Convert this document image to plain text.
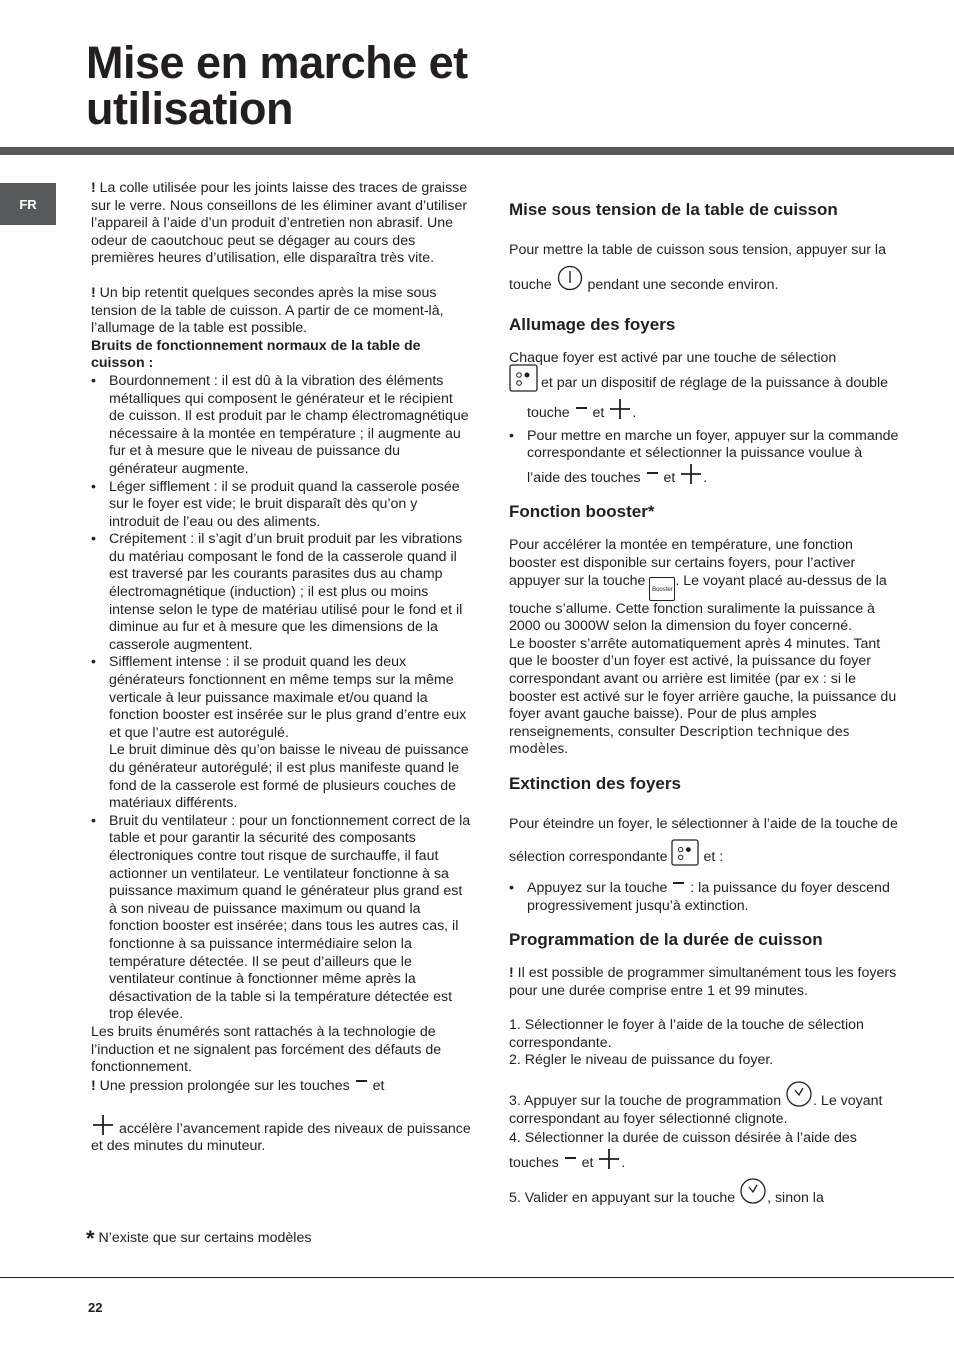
Mise en marche et
utilisation
FR

! La colle utilisée pour les joints laisse des traces de graisse sur le verre. Nous conseillons de les éliminer avant d’utiliser l’appareil à l’aide d’un produit d’entretien non abrasif. Une odeur de caoutchouc peut se dégager au cours des premières heures d’utilisation, elle disparaîtra très vite.

! Un bip retentit quelques secondes après la mise sous tension de la table de cuisson. A partir de ce moment-là, l’allumage de la table est possible.

Bruits de fonctionnement normaux de la table de cuisson :

• Bourdonnement : il est dû à la vibration des éléments métalliques qui composent le générateur et le récipient de cuisson. Il est produit par le champ électromagnétique nécessaire à la montée en température ; il augmente au fur et à mesure que le niveau de puissance du générateur augmente.
• Léger sifflement : il se produit quand la casserole posée sur le foyer est vide; le bruit disparaît dès qu’on y introduit de l’eau ou des aliments.
• Crépitement : il s’agit d’un bruit produit par les vibrations du matériau composant le fond de la casserole quand il est traversé par les courants parasites dus au champ électromagnétique (induction) ; il est plus ou moins intense selon le type de matériau utilisé pour le fond et il diminue au fur et à mesure que les dimensions de la casserole augmentent.
• Sifflement intense : il se produit quand les deux générateurs fonctionnent en même temps sur la même verticale à leur puissance maximale et/ou quand la fonction booster est insérée sur le plus grand d’entre eux et que l’autre est autorégulé.
Le bruit diminue dès qu’on baisse le niveau de puissance du générateur autorégulé; il est plus manifeste quand le fond de la casserole est formé de plusieurs couches de matériaux différents.
• Bruit du ventilateur : pour un fonctionnement correct de la table et pour garantir la sécurité des composants électroniques contre tout risque de surchauffe, il faut actionner un ventilateur. Le ventilateur fonctionne à sa puissance maximum quand le générateur plus grand est à son niveau de puissance maximum ou quand la fonction booster est insérée; dans tous les autres cas, il fonctionne à sa puissance intermédiaire selon la température détectée. Il se peut d’ailleurs que le ventilateur continue à fonctionner même après la désactivation de la table si la température détectée est trop élevée.

Les bruits énumérés sont rattachés à la technologie de l’induction et ne signalent pas forcément des défauts de fonctionnement.

! Une pression prolongée sur les touches et

accélère l’avancement rapide des niveaux de puissance et des minutes du minuteur.

* N’existe que sur certains modèles
Mise sous tension de la table de cuisson

Pour mettre la table de cuisson sous tension, appuyer sur la touche	pendant une seconde environ.

Allumage des foyers

Chaque foyer est activé par une touche de sélection

et par un dispositif de réglage de la puissance à double touche et .

• Pour mettre en marche un foyer, appuyer sur la commande correspondante et sélectionner la puissance voulue à l’aide des touches et .
Fonction booster*

Pour accélérer la montée en température, une fonction booster est disponible sur certains foyers, pour l’activer appuyer sur la touche Booster. Le voyant placé au-dessus de la touche s’allume. Cette fonction suralimente la puissance à 2000 ou 3000W selon la dimension du foyer concerné.

Le booster s’arrête automatiquement après 4 minutes. Tant que le booster d’un foyer est activé, la puissance du foyer correspondant avant ou arrière est limitée (par ex : si le booster est activé sur le foyer arrière gauche, la puissance du foyer avant gauche baisse). Pour de plus amples renseignements, consulter Description technique des modèles.

Extinction des foyers

Pour éteindre un foyer, le sélectionner à l’aide de la touche de sélection correspondante	et :

• Appuyez sur la touche : la puissance du foyer descend progressivement jusqu’à extinction.
Programmation de la durée de cuisson

! Il est possible de programmer simultanément tous les foyers pour une durée comprise entre 1 et 99 minutes.

1. Sélectionner le foyer à l’aide de la touche de sélection correspondante.

2. Régler le niveau de puissance du foyer.

3. Appuyer sur la touche de programmation . Le voyant correspondant au foyer sélectionné clignote.

4. Sélectionner la durée de cuisson désirée à l’aide des touches et .

5. Valider en appuyant sur la touche , sinon la

22
